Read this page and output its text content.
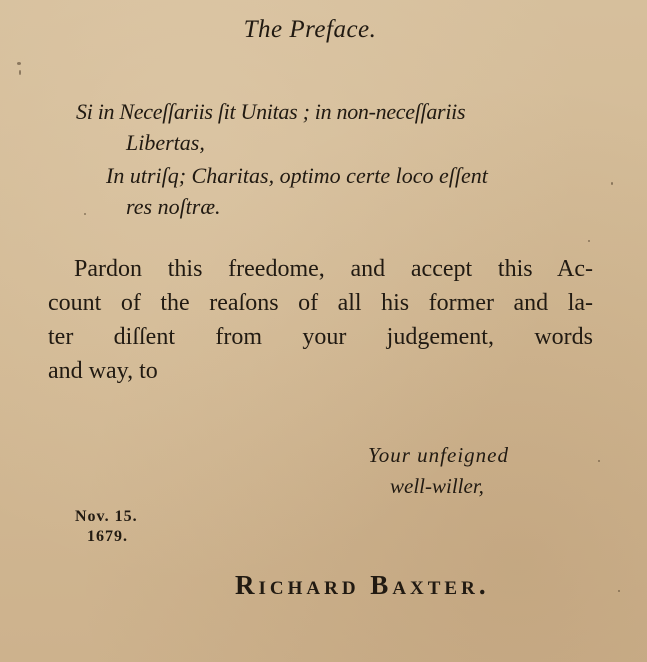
The Preface.
Si in Neceſſariis ſit Unitas ; in non-neceſſariis
Libertas,
In utriſq; Charitas, optimo certe loco eſſent
res noſtræ.
Pardon this freedome, and accept this Ac-
count of the reaſons of all his former and la-
ter diſſent from your judgement, words
and way, to
Your unfeigned
well-willer,
Nov. 15.
1679.
Richard Baxter.
